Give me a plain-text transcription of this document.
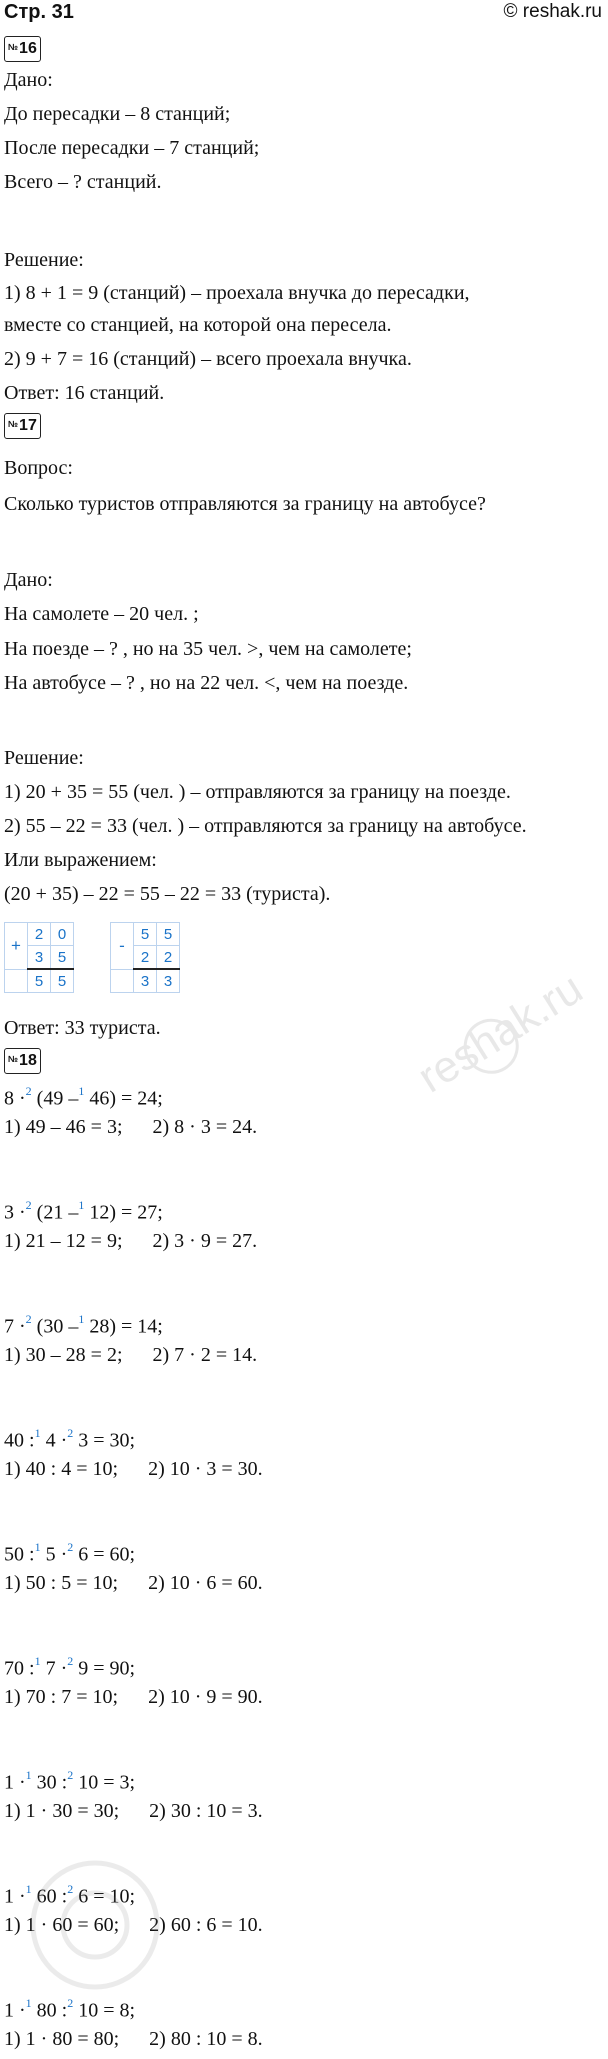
Стр. 31	© reshak.ru
№ 16
Дано:
До пересадки – 8 станций;
После пересадки – 7 станций;
Всего – ? станций.
Решение:
1) 8 + 1 = 9 (станций) – проехала внучка до пересадки,
вместе со станцией, на которой она пересела.
2) 9 + 7 = 16 (станций) – всего проехала внучка.
Ответ: 16 станций.
№ 17
Вопрос:
Сколько туристов отправляются за границу на автобусе?
Дано:
На самолете – 20 чел. ;
На поезде – ? , но на 35 чел. >, чем на самолете;
На автобусе – ? , но на 22 чел. <, чем на поезде.
Решение:
1) 20 + 35 = 55 (чел. ) – отправляются за границу на поезде.
2) 55 – 22 = 33 (чел. ) – отправляются за границу на автобусе.
Или выражением:
(20 + 35) – 22 = 55 – 22 = 33 (туриста).
+	2	0
	3	5
	5	5
-	5	5
	2	2
	3	3
Ответ: 33 туриста.
№ 18
8 ·$^2$ (49 –$^1$ 46) = 24;
1) 49 – 46 = 3; 2) 8 · 3 = 24.
3 ·$^2$ (21 –$^1$ 12) = 27;
1) 21 – 12 = 9; 2) 3 · 9 = 27.
7 ·$^2$ (30 –$^1$ 28) = 14;
1) 30 – 28 = 2; 2) 7 · 2 = 14.
40 :$^1$ 4 ·$^2$ 3 = 30;
1) 40 : 4 = 10; 2) 10 · 3 = 30.
50 :$^1$ 5 ·$^2$ 6 = 60;
1) 50 : 5 = 10; 2) 10 · 6 = 60.
70 :$^1$ 7 ·$^2$ 9 = 90;
1) 70 : 7 = 10; 2) 10 · 9 = 90.
1 ·$^1$ 30 :$^2$ 10 = 3;
1) 1 · 30 = 30; 2) 30 : 10 = 3.
1 ·$^1$ 60 :$^2$ 6 = 10;
1) 1 · 60 = 60; 2) 60 : 6 = 10.
1 ·$^1$ 80 :$^2$ 10 = 8;
1) 1 · 80 = 80; 2) 80 : 10 = 8.
reshak.ru
